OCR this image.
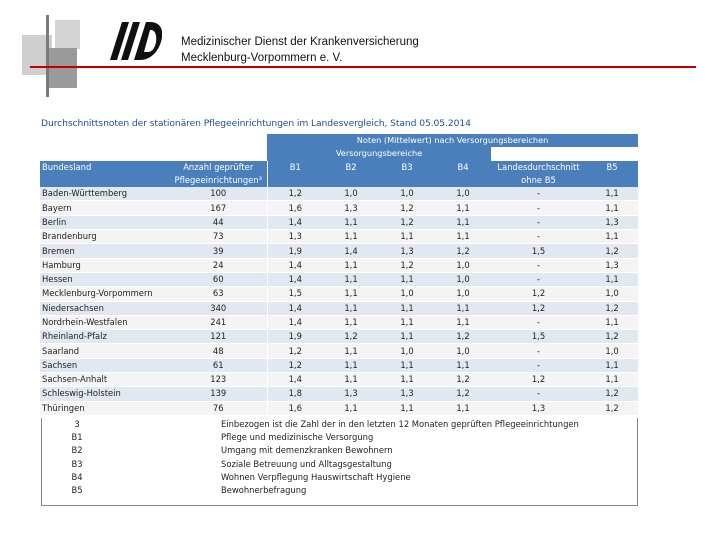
Medizinischer Dienst der Krankenversicherung
Mecklenburg-Vorpommern e. V.
Durchschnittsnoten der stationären Pflegeeinrichtungen im Landesvergleich, Stand 05.05.2014
		Noten (Mittelwert) nach Versorgungsbereichen					
		Versorgungsbereiche					
Bundesland	Anzahl geprüfter	B1	B2	B3	B4	Landesdurchschnitt	B5
	Pflegeeinrichtungen³					ohne B5	
Baden-Württemberg	100	1,2	1,0	1,0	1,0	-	1,1
Bayern	167	1,6	1,3	1,2	1,1	-	1,1
Berlin	44	1,4	1,1	1,2	1,1	-	1,3
Brandenburg	73	1,3	1,1	1,1	1,1	-	1,1
Bremen	39	1,9	1,4	1,3	1,2	1,5	1,2
Hamburg	24	1,4	1,1	1,2	1,0	-	1,3
Hessen	60	1,4	1,1	1,1	1,0	-	1,1
Mecklenburg-Vorpommern	63	1,5	1,1	1,0	1,0	1,2	1,0
Niedersachsen	340	1,4	1,1	1,1	1,1	1,2	1,2
Nordrhein-Westfalen	241	1,4	1,1	1,1	1,1	-	1,1
Rheinland-Pfalz	121	1,9	1,2	1,1	1,2	1,5	1,2
Saarland	48	1,2	1,1	1,0	1,0	-	1,0
Sachsen	61	1,2	1,1	1,1	1,1	-	1,1
Sachsen-Anhalt	123	1,4	1,1	1,1	1,2	1,2	1,1
Schleswig-Holstein	139	1,8	1,3	1,3	1,2	-	1,2
Thüringen	76	1,6	1,1	1,1	1,1	1,3	1,2
3	Einbezogen ist die Zahl der in den letzten 12 Monaten geprüften Pflegeeinrichtungen
B1	Pflege und medizinische Versorgung
B2	Umgang mit demenzkranken Bewohnern
B3	Soziale Betreuung und Alltagsgestaltung
B4	Wohnen Verpflegung Hauswirtschaft Hygiene
B5	Bewohnerbefragung
